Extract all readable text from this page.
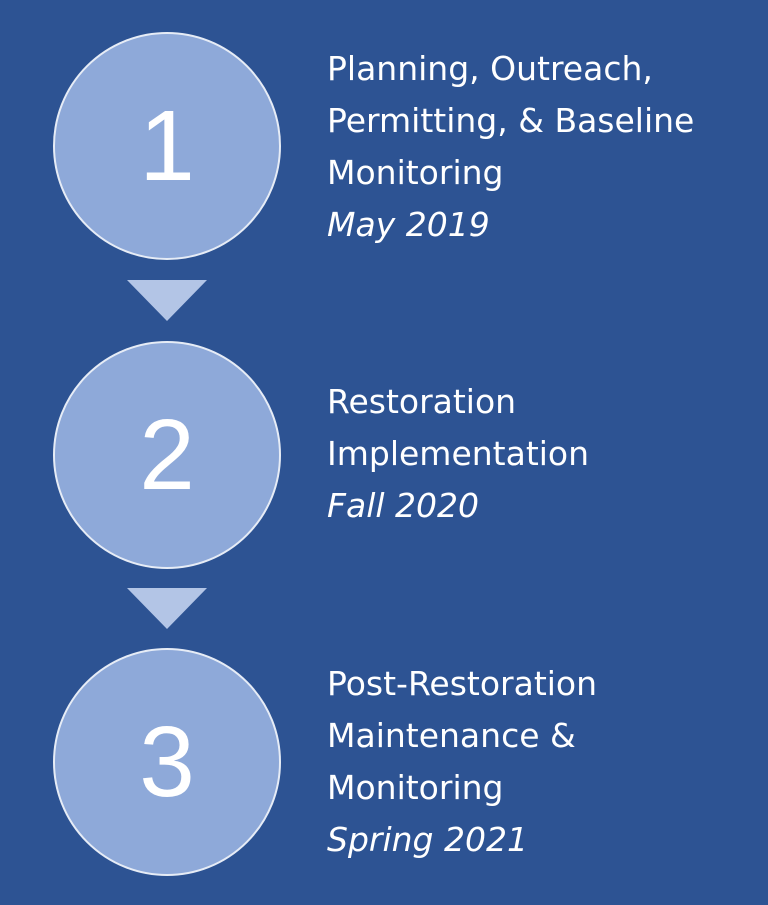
1
Planning, Outreach,
Permitting, & Baseline
Monitoring
May 2019
2	Restoration
Implementation
Fall 2020
3
Post-Restoration
Maintenance &
Monitoring
Spring 2021
